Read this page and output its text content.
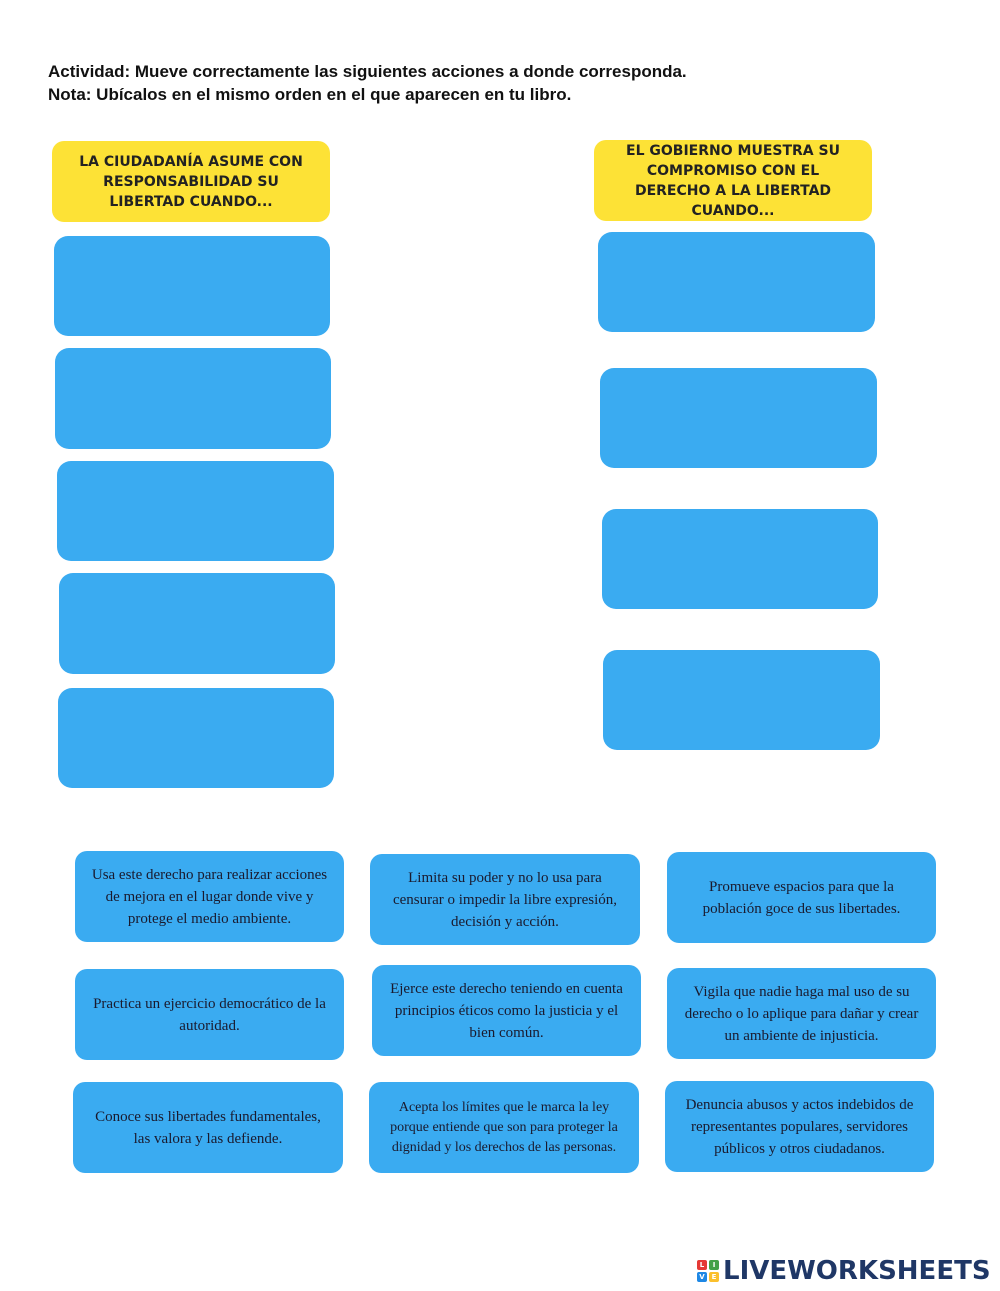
Actividad: Mueve correctamente las siguientes acciones a donde corresponda.
Nota: Ubícalos en el mismo orden en el que aparecen en tu libro.
LA CIUDADANÍA ASUME CON RESPONSABILIDAD SU LIBERTAD CUANDO...
EL GOBIERNO MUESTRA SU COMPROMISO CON EL DERECHO A LA LIBERTAD CUANDO...
Usa este derecho para realizar acciones de mejora en el lugar donde vive y protege el medio ambiente.
Limita su poder y no lo usa para censurar o impedir la libre expresión, decisión y acción.
Promueve espacios para que la población goce de sus libertades.
Practica un ejercicio democrático de la autoridad.
Ejerce este derecho teniendo en cuenta principios éticos como la justicia y el bien común.
Vigila que nadie haga mal uso de su derecho o lo aplique para dañar y crear un ambiente de injusticia.
Conoce sus libertades fundamentales, las valora y las defiende.
Acepta los límites que le marca la ley porque entiende que son para proteger la dignidad y los derechos de las personas.
Denuncia abusos y actos indebidos de representantes populares, servidores públicos y otros ciudadanos.
L	I
V E LIVEWORKSHEETS
